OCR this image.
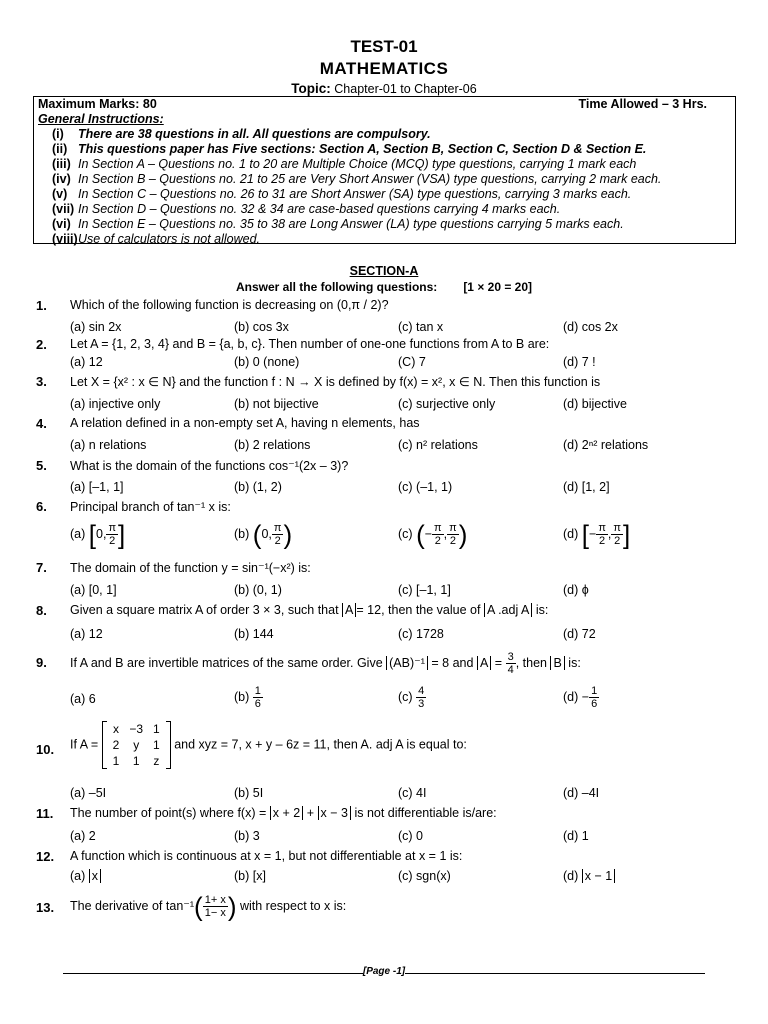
TEST-01
MATHEMATICS
Topic: Chapter-01 to Chapter-06
Maximum Marks: 80	Time Allowed – 3 Hrs.
General Instructions:
(i) There are 38 questions in all. All questions are compulsory.
(ii) This questions paper has Five sections: Section A, Section B, Section C, Section D & Section E.
(iii) In Section A – Questions no. 1 to 20 are Multiple Choice (MCQ) type questions, carrying 1 mark each
(iv) In Section B – Questions no. 21 to 25 are Very Short Answer (VSA) type questions, carrying 2 mark each.
(v) In Section C – Questions no. 26 to 31 are Short Answer (SA) type questions, carrying 3 marks each.
(vii) In Section D – Questions no. 32 & 34 are case-based questions carrying 4 marks each.
(vi) In Section E – Questions no. 35 to 38 are Long Answer (LA) type questions carrying 5 marks each.
(viii)Use of calculators is not allowed.
SECTION-A
Answer all the following questions: [1 × 20 = 20]
1. Which of the following function is decreasing on (0,π / 2)?
(a) sin 2x	(b) cos 3x	(c) tan x	(d) cos 2x
2. Let A = {1, 2, 3, 4} and B = {a, b, c}. Then number of one-one functions from A to B are:
(a) 12	(b) 0 (none)	(C) 7	(d) 7 !
3. Let X = {x² : x ∈ N} and the function f : N → X is defined by f(x) = x², x ∈ N. Then this function is
(a) injective only	(b) not bijective	(c) surjective only	(d) bijective
4. A relation defined in a non-empty set A, having n elements, has
(a) n relations	(b) 2 relations	(c) n² relations	(d) 2ⁿ² relations
5. What is the domain of the functions cos⁻¹(2x – 3)?
(a) [–1, 1]	(b) (1, 2)	(c) (–1, 1)	(d) [1, 2]
6. Principal branch of tan⁻¹ x is:
(a) [0, $\frac{\pi}{2}$ ]	(b) (0, $\frac{\pi}{2}$ )	(c) (− $\frac{\pi}{2}$ , $\frac{\pi}{2}$ )	(d) [− $\frac{\pi}{2}$ , $\frac{\pi}{2}$ ]
7. The domain of the function y = sin⁻¹(−x²) is:
(a) [0, 1]	(b) (0, 1)	(c) [–1, 1]	(d) ϕ
8. Given a square matrix A of order 3 × 3, such that A = 12, then the value of A .adj A is:
(a) 12	(b) 144	(c) 1728	(d) 72
9. If A and B are invertible matrices of the same order. Give (AB)⁻¹ = 8 and $A = \frac{3}{4}$ , then B is:
(a) 6	$(b) \frac{1}{6}$	$(c) \frac{4}{3}$	$(d) - \frac{1}{6}$
10. If A =
x	−3	1
2	y	1
1	1	z
and xyz = 7, x + y – 6z = 11, then A. adj A is equal to:
(a) –5I	(b) 5I	(c) 4I	(d) –4I
11. The number of point(s) where f(x) = x + 2 + x − 3 is not differentiable is/are:
(a) 2	(b) 3	(c) 0	(d) 1
12. A function which is continuous at x = 1, but not differentiable at x = 1 is:
(a) x	(b) [x]	(c) sgn(x)	(d) x − 1
13. The derivative of $\tan^{-1}( \frac{1+ x}{1- x}$ ) with respect to x is:
[Page -1]
